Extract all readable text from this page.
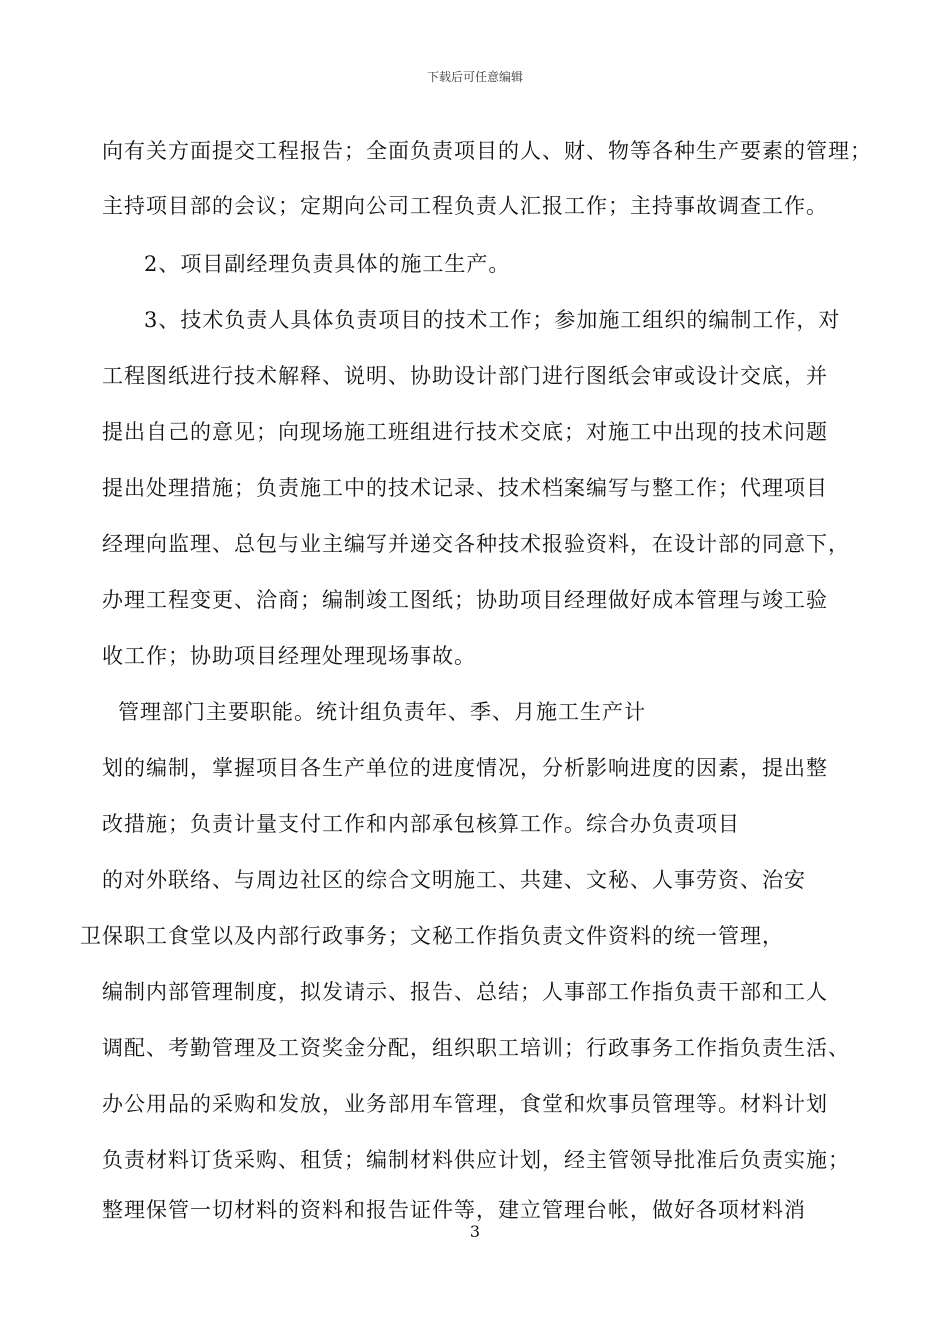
下载后可任意编辑
向有关方面提交工程报告；全面负责项目的人、财、物等各种生产要素的管理；
主持项目部的会议；定期向公司工程负责人汇报工作；主持事故调查工作。
2、项目副经理负责具体的施工生产。
3、技术负责人具体负责项目的技术工作；参加施工组织的编制工作，对
工程图纸进行技术解释、说明、协助设计部门进行图纸会审或设计交底，并
提出自己的意见；向现场施工班组进行技术交底；对施工中出现的技术问题
提出处理措施；负责施工中的技术记录、技术档案编写与整工作；代理项目
经理向监理、总包与业主编写并递交各种技术报验资料，在设计部的同意下，
办理工程变更、洽商；编制竣工图纸；协助项目经理做好成本管理与竣工验
收工作；协助项目经理处理现场事故。
管理部门主要职能。统计组负责年、季、月施工生产计
划的编制，掌握项目各生产单位的进度情况，分析影响进度的因素，提出整
改措施；负责计量支付工作和内部承包核算工作。综合办负责项目
的对外联络、与周边社区的综合文明施工、共建、文秘、人事劳资、治安
卫保职工食堂以及内部行政事务；文秘工作指负责文件资料的统一管理，
编制内部管理制度，拟发请示、报告、总结；人事部工作指负责干部和工人
调配、考勤管理及工资奖金分配，组织职工培训；行政事务工作指负责生活、
办公用品的采购和发放，业务部用车管理，食堂和炊事员管理等。材料计划
负责材料订货采购、租赁；编制材料供应计划，经主管领导批准后负责实施；
整理保管一切材料的资料和报告证件等，建立管理台帐，做好各项材料消
3
